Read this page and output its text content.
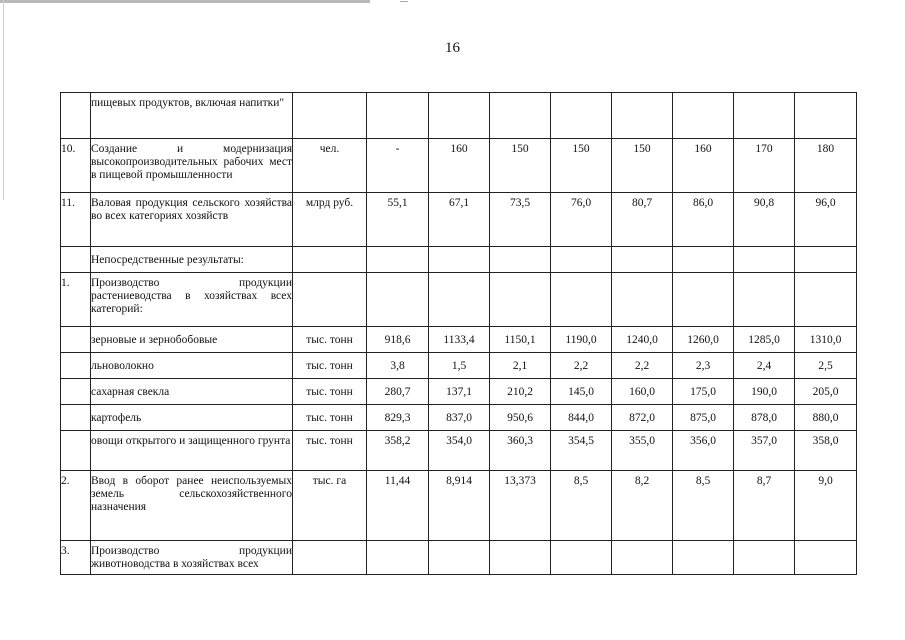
16
	пищевых продуктов, включая напитки"									
10.	Создание и модернизация высокопроизводительных рабочих мест в пищевой промышленности	чел.	-	160	150	150	150	160	170	180
11.	Валовая продукция сельского хозяйства во всех категориях хозяйств	млрд руб.	55,1	67,1	73,5	76,0	80,7	86,0	90,8	96,0
	Непосредственные результаты:									
1.	Производство продукции растениеводства в хозяйствах всех категорий:									
	зерновые и зернобобовые	тыс. тонн	918,6	1133,4	1150,1	1190,0	1240,0	1260,0	1285,0	1310,0
	льноволокно	тыс. тонн	3,8	1,5	2,1	2,2	2,2	2,3	2,4	2,5
	сахарная свекла	тыс. тонн	280,7	137,1	210,2	145,0	160,0	175,0	190,0	205,0
	картофель	тыс. тонн	829,3	837,0	950,6	844,0	872,0	875,0	878,0	880,0
	овощи открытого и защищенного грунта	тыс. тонн	358,2	354,0	360,3	354,5	355,0	356,0	357,0	358,0
2.	Ввод в оборот ранее неиспользуемых земель сельскохозяйственного назначения	тыс. га	11,44	8,914	13,373	8,5	8,2	8,5	8,7	9,0
3.	Производство продукции животноводства в хозяйствах всех									
